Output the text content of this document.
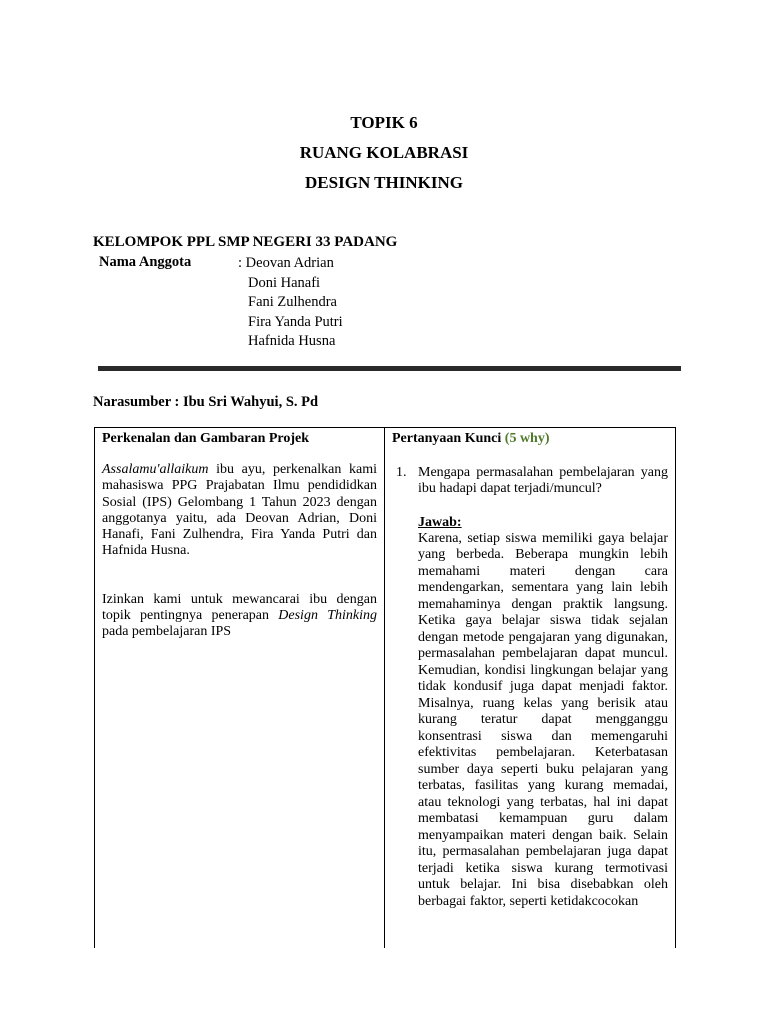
TOPIK 6
RUANG KOLABRASI
DESIGN THINKING
KELOMPOK PPL SMP NEGERI 33 PADANG
Nama Anggota	: Deovan Adrian
Doni Hanafi
Fani Zulhendra
Fira Yanda Putri
Hafnida Husna
Narasumber : Ibu Sri Wahyui, S. Pd
Perkenalan dan Gambaran Projek
Assalamu'allaikum ibu ayu, perkenalkan kami mahasiswa PPG Prajabatan Ilmu pendididkan Sosial (IPS) Gelombang 1 Tahun 2023 dengan anggotanya yaitu, ada Deovan Adrian, Doni Hanafi, Fani Zulhendra, Fira Yanda Putri dan Hafnida Husna.
Izinkan kami untuk mewancarai ibu dengan topik pentingnya penerapan Design Thinking pada pembelajaran IPS
Pertanyaan Kunci (5 why)
1. Mengapa permasalahan pembelajaran yang ibu hadapi dapat terjadi/muncul?
Jawab:
Karena, setiap siswa memiliki gaya belajar yang berbeda. Beberapa mungkin lebih memahami materi dengan cara mendengarkan, sementara yang lain lebih memahaminya dengan praktik langsung. Ketika gaya belajar siswa tidak sejalan dengan metode pengajaran yang digunakan, permasalahan pembelajaran dapat muncul. Kemudian, kondisi lingkungan belajar yang tidak kondusif juga dapat menjadi faktor. Misalnya, ruang kelas yang berisik atau kurang teratur dapat mengganggu konsentrasi siswa dan memengaruhi efektivitas pembelajaran. Keterbatasan sumber daya seperti buku pelajaran yang terbatas, fasilitas yang kurang memadai, atau teknologi yang terbatas, hal ini dapat membatasi kemampuan guru dalam menyampaikan materi dengan baik. Selain itu, permasalahan pembelajaran juga dapat terjadi ketika siswa kurang termotivasi untuk belajar. Ini bisa disebabkan oleh berbagai faktor, seperti ketidakcocokan
